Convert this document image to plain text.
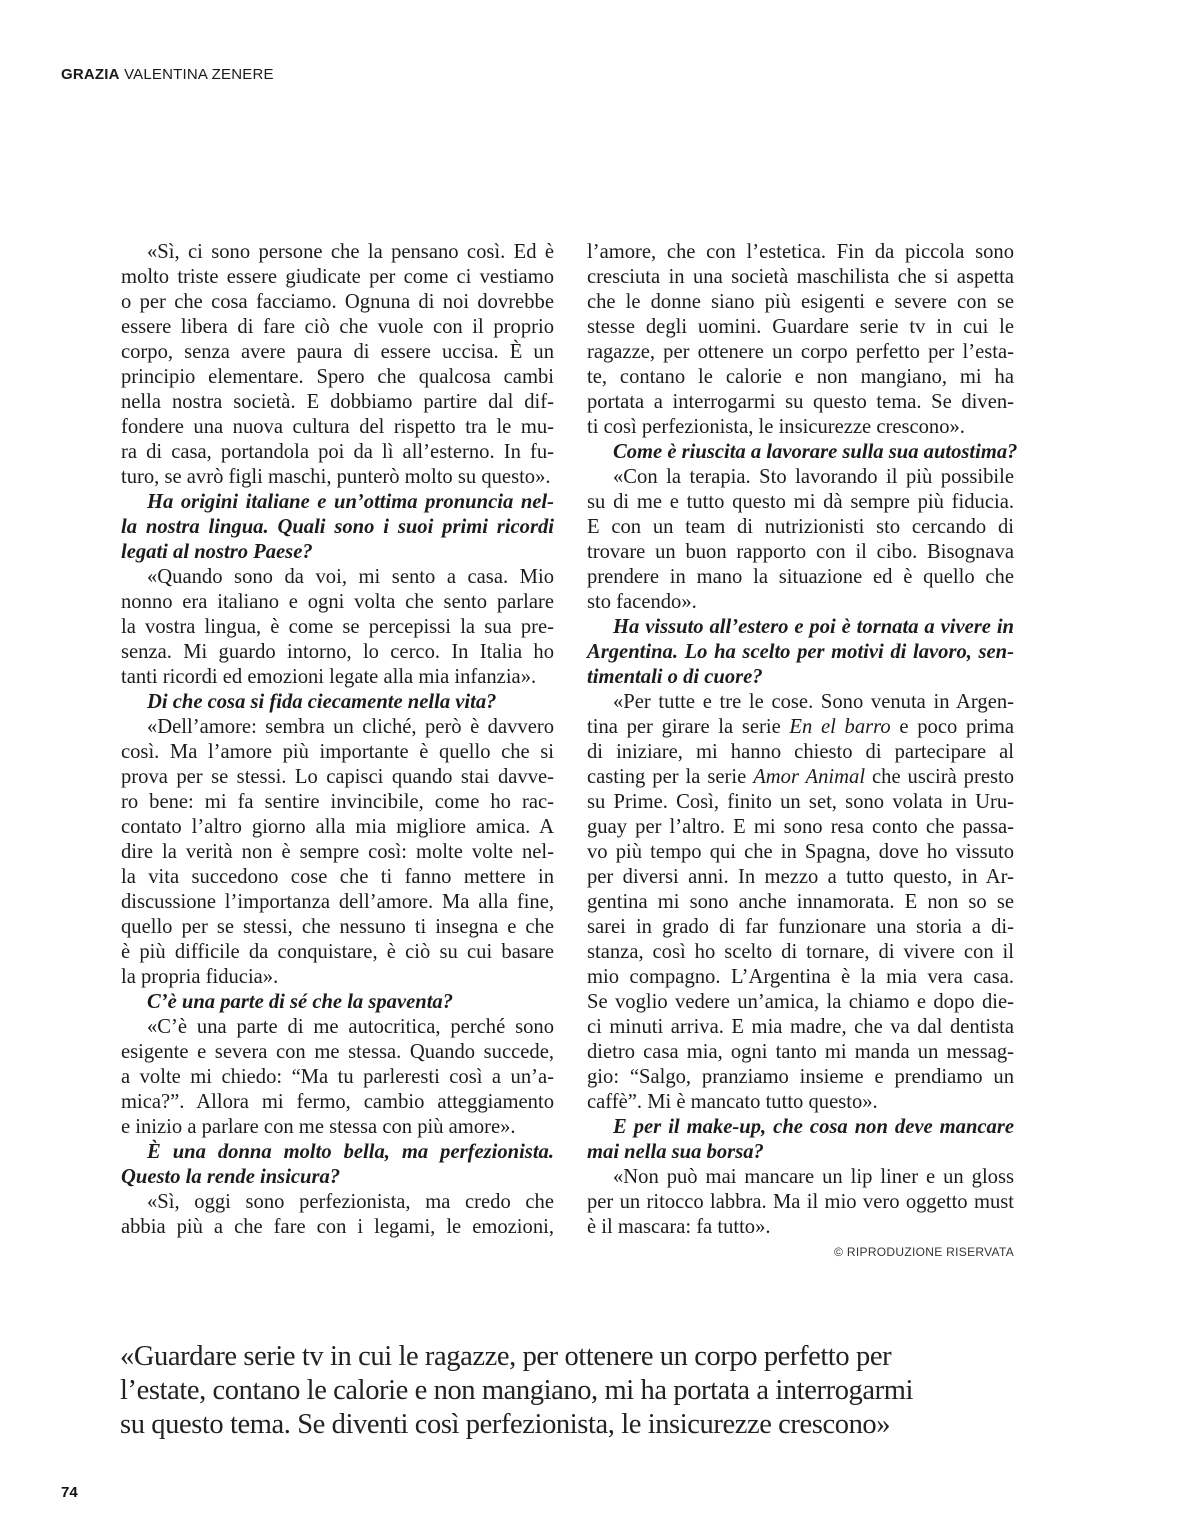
GRAZIA VALENTINA ZENERE
«Sì, ci sono persone che la pensano così. Ed è
molto triste essere giudicate per come ci vestiamo
o per che cosa facciamo. Ognuna di noi dovrebbe
essere libera di fare ciò che vuole con il proprio
corpo, senza avere paura di essere uccisa. È un
principio elementare. Spero che qualcosa cambi
nella nostra società. E dobbiamo partire dal dif-
fondere una nuova cultura del rispetto tra le mu-
ra di casa, portandola poi da lì all’esterno. In fu-
turo, se avrò figli maschi, punterò molto su questo».
Ha origini italiane e un’ottima pronuncia nel-
la nostra lingua. Quali sono i suoi primi ricordi
legati al nostro Paese?
«Quando sono da voi, mi sento a casa. Mio
nonno era italiano e ogni volta che sento parlare
la vostra lingua, è come se percepissi la sua pre-
senza. Mi guardo intorno, lo cerco. In Italia ho
tanti ricordi ed emozioni legate alla mia infanzia».
Di che cosa si fida ciecamente nella vita?
«Dell’amore: sembra un cliché, però è davvero
così. Ma l’amore più importante è quello che si
prova per se stessi. Lo capisci quando stai davve-
ro bene: mi fa sentire invincibile, come ho rac-
contato l’altro giorno alla mia migliore amica. A
dire la verità non è sempre così: molte volte nel-
la vita succedono cose che ti fanno mettere in
discussione l’importanza dell’amore. Ma alla fine,
quello per se stessi, che nessuno ti insegna e che
è più difficile da conquistare, è ciò su cui basare
la propria fiducia».
C’è una parte di sé che la spaventa?
«C’è una parte di me autocritica, perché sono
esigente e severa con me stessa. Quando succede,
a volte mi chiedo: “Ma tu parleresti così a un’a-
mica?”. Allora mi fermo, cambio atteggiamento
e inizio a parlare con me stessa con più amore».
È una donna molto bella, ma perfezionista.
Questo la rende insicura?
«Sì, oggi sono perfezionista, ma credo che
abbia più a che fare con i legami, le emozioni,
l’amore, che con l’estetica. Fin da piccola sono
cresciuta in una società maschilista che si aspetta
che le donne siano più esigenti e severe con se
stesse degli uomini. Guardare serie tv in cui le
ragazze, per ottenere un corpo perfetto per l’esta-
te, contano le calorie e non mangiano, mi ha
portata a interrogarmi su questo tema. Se diven-
ti così perfezionista, le insicurezze crescono».
Come è riuscita a lavorare sulla sua autostima?
«Con la terapia. Sto lavorando il più possibile
su di me e tutto questo mi dà sempre più fiducia.
E con un team di nutrizionisti sto cercando di
trovare un buon rapporto con il cibo. Bisognava
prendere in mano la situazione ed è quello che
sto facendo».
Ha vissuto all’estero e poi è tornata a vivere in
Argentina. Lo ha scelto per motivi di lavoro, sen-
timentali o di cuore?
«Per tutte e tre le cose. Sono venuta in Argen-
tina per girare la serie En el barro e poco prima
di iniziare, mi hanno chiesto di partecipare al
casting per la serie Amor Animal che uscirà presto
su Prime. Così, finito un set, sono volata in Uru-
guay per l’altro. E mi sono resa conto che passa-
vo più tempo qui che in Spagna, dove ho vissuto
per diversi anni. In mezzo a tutto questo, in Ar-
gentina mi sono anche innamorata. E non so se
sarei in grado di far funzionare una storia a di-
stanza, così ho scelto di tornare, di vivere con il
mio compagno. L’Argentina è la mia vera casa.
Se voglio vedere un’amica, la chiamo e dopo die-
ci minuti arriva. E mia madre, che va dal dentista
dietro casa mia, ogni tanto mi manda un messag-
gio: “Salgo, pranziamo insieme e prendiamo un
caffè”. Mi è mancato tutto questo».
E per il make-up, che cosa non deve mancare
mai nella sua borsa?
«Non può mai mancare un lip liner e un gloss
per un ritocco labbra. Ma il mio vero oggetto must
è il mascara: fa tutto».
© RIPRODUZIONE RISERVATA
«Guardare serie tv in cui le ragazze, per ottenere un corpo perfetto per
l’estate, contano le calorie e non mangiano, mi ha portata a interrogarmi
su questo tema. Se diventi così perfezionista, le insicurezze crescono»
74
